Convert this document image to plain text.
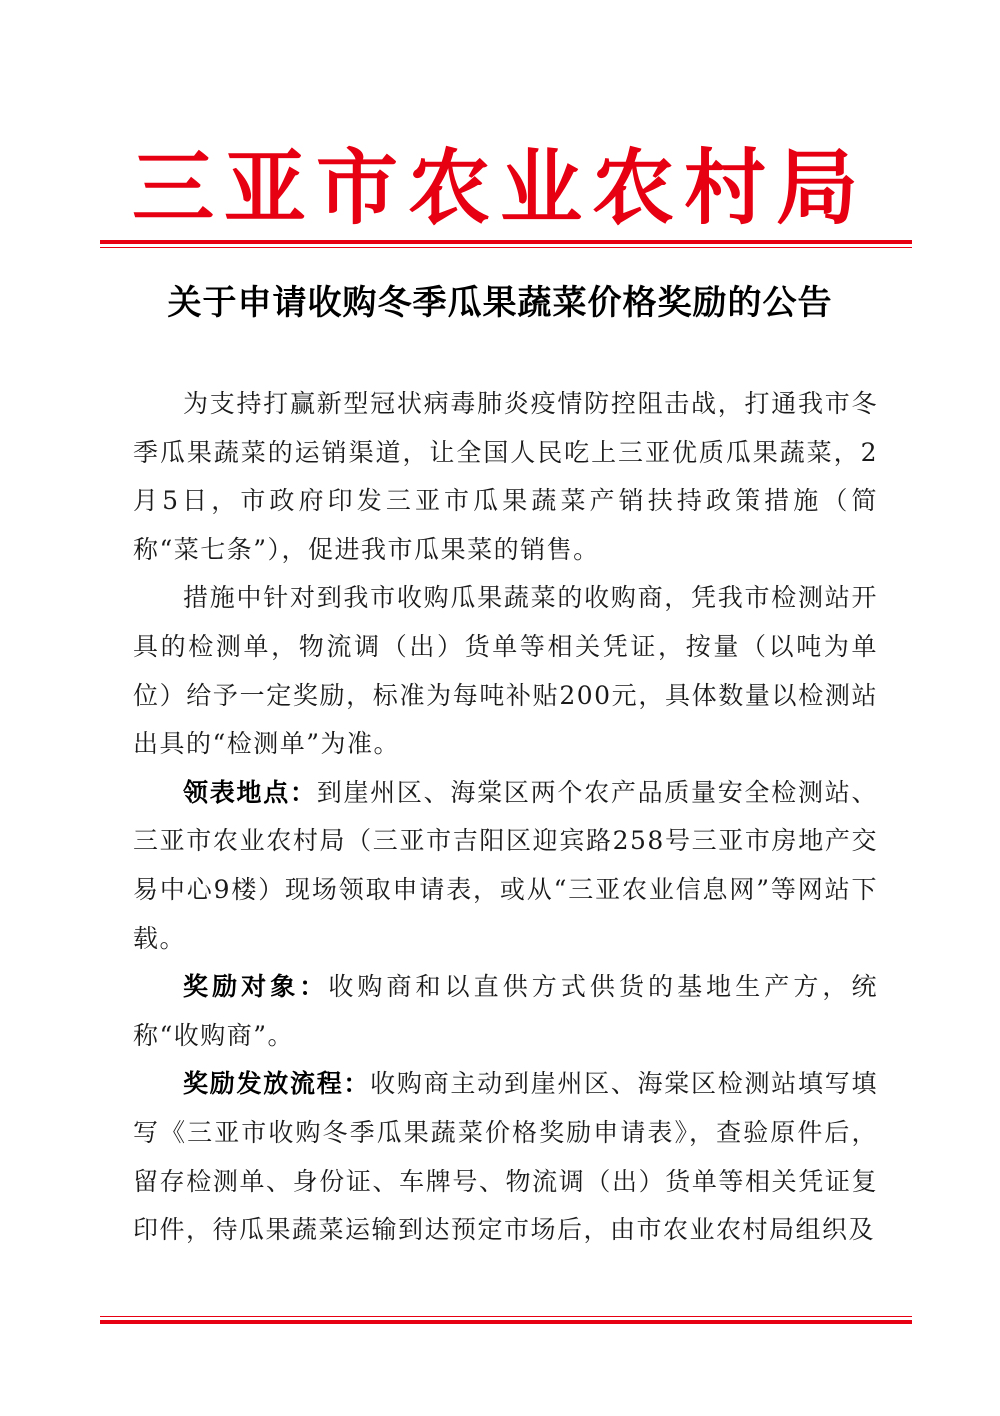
三亚市农业农村局
关于申请收购冬季瓜果蔬菜价格奖励的公告

为支持打赢新型冠状病毒肺炎疫情防控阻击战，打通我市冬季瓜果蔬菜的运销渠道，让全国人民吃上三亚优质瓜果蔬菜，2月5日，市政府印发三亚市瓜果蔬菜产销扶持政策措施（简称“菜七条”），促进我市瓜果菜的销售。

措施中针对到我市收购瓜果蔬菜的收购商，凭我市检测站开具的检测单，物流调（出）货单等相关凭证，按量（以吨为单位）给予一定奖励，标准为每吨补贴200元，具体数量以检测站出具的“检测单”为准。

领表地点：到崖州区、海棠区两个农产品质量安全检测站、三亚市农业农村局（三亚市吉阳区迎宾路258号三亚市房地产交易中心9楼）现场领取申请表，或从“三亚农业信息网”等网站下载。

奖励对象：收购商和以直供方式供货的基地生产方，统称“收购商”。

奖励发放流程：收购商主动到崖州区、海棠区检测站填写填写《三亚市收购冬季瓜果蔬菜价格奖励申请表》，查验原件后，留存检测单、身份证、车牌号、物流调（出）货单等相关凭证复印件，待瓜果蔬菜运输到达预定市场后，由市农业农村局组织及
